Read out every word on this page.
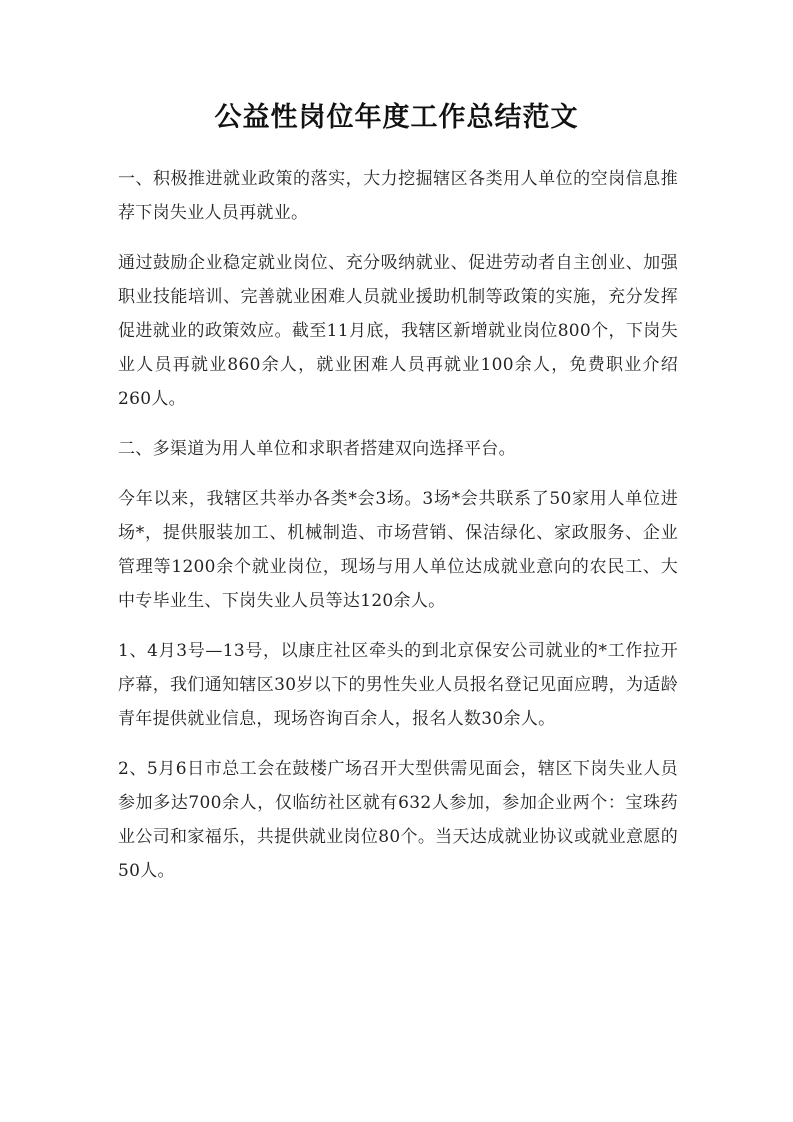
公益性岗位年度工作总结范文

一、积极推进就业政策的落实，大力挖掘辖区各类用人单位的空岗信息推荐下岗失业人员再就业。

通过鼓励企业稳定就业岗位、充分吸纳就业、促进劳动者自主创业、加强职业技能培训、完善就业困难人员就业援助机制等政策的实施，充分发挥促进就业的政策效应。截至11月底，我辖区新增就业岗位800个，下岗失业人员再就业860余人，就业困难人员再就业100余人，免费职业介绍260人。

二、多渠道为用人单位和求职者搭建双向选择平台。

今年以来，我辖区共举办各类*会3场。3场*会共联系了50家用人单位进场*，提供服装加工、机械制造、市场营销、保洁绿化、家政服务、企业管理等1200余个就业岗位，现场与用人单位达成就业意向的农民工、大中专毕业生、下岗失业人员等达120余人。

1、4月3号—13号，以康庄社区牵头的到北京保安公司就业的*工作拉开序幕，我们通知辖区30岁以下的男性失业人员报名登记见面应聘，为适龄青年提供就业信息，现场咨询百余人，报名人数30余人。

2、5月6日市总工会在鼓楼广场召开大型供需见面会，辖区下岗失业人员参加多达700余人，仅临纺社区就有632人参加，参加企业两个：宝珠药业公司和家福乐，共提供就业岗位80个。当天达成就业协议或就业意愿的50人。
